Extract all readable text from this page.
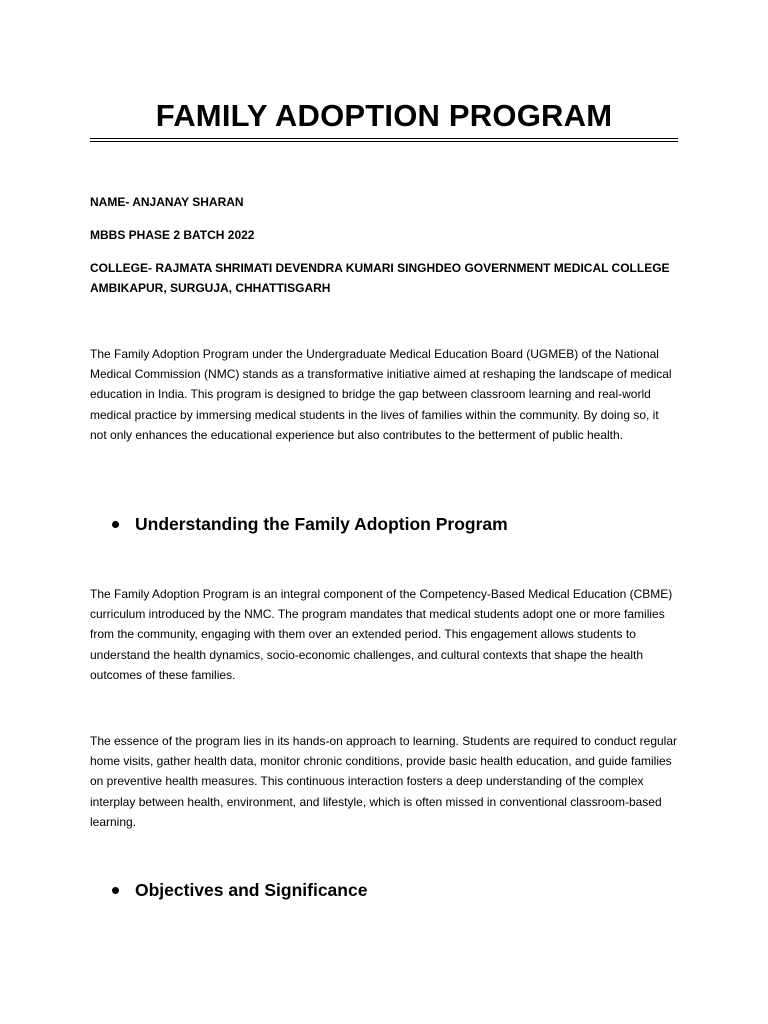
FAMILY ADOPTION PROGRAM

NAME- ANJANAY SHARAN

MBBS PHASE 2 BATCH 2022

COLLEGE- RAJMATA SHRIMATI DEVENDRA KUMARI SINGHDEO GOVERNMENT MEDICAL COLLEGE AMBIKAPUR, SURGUJA, CHHATTISGARH

The Family Adoption Program under the Undergraduate Medical Education Board (UGMEB) of the National Medical Commission (NMC) stands as a transformative initiative aimed at reshaping the landscape of medical education in India. This program is designed to bridge the gap between classroom learning and real-world medical practice by immersing medical students in the lives of families within the community. By doing so, it not only enhances the educational experience but also contributes to the betterment of public health.

Understanding the Family Adoption Program

The Family Adoption Program is an integral component of the Competency-Based Medical Education (CBME) curriculum introduced by the NMC. The program mandates that medical students adopt one or more families from the community, engaging with them over an extended period. This engagement allows students to understand the health dynamics, socio-economic challenges, and cultural contexts that shape the health outcomes of these families.

The essence of the program lies in its hands-on approach to learning. Students are required to conduct regular home visits, gather health data, monitor chronic conditions, provide basic health education, and guide families on preventive health measures. This continuous interaction fosters a deep understanding of the complex interplay between health, environment, and lifestyle, which is often missed in conventional classroom-based learning.

Objectives and Significance
